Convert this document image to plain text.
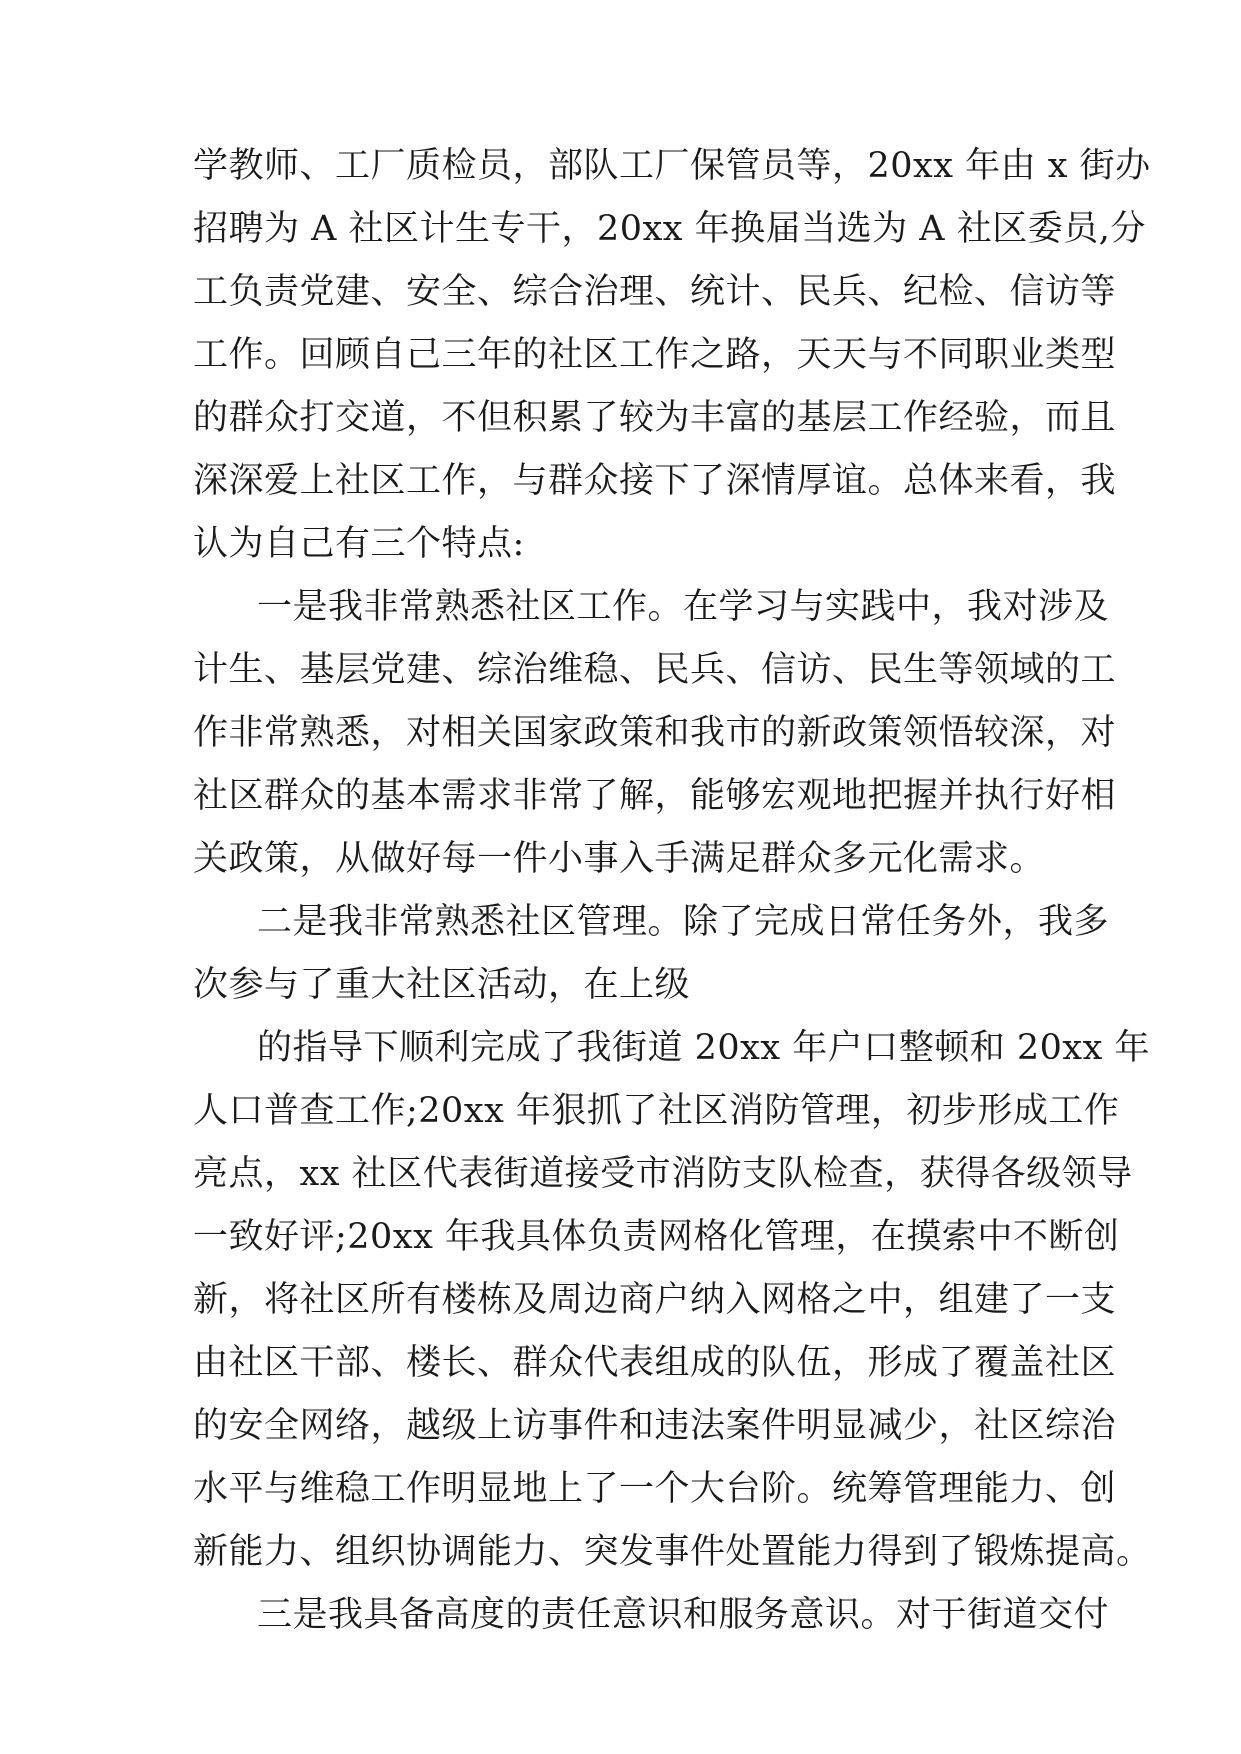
学教师、工厂质检员，部队工厂保管员等，20xx 年由 x 街办
招聘为 A 社区计生专干，20xx 年换届当选为 A 社区委员,分
工负责党建、安全、综合治理、统计、民兵、纪检、信访等
工作。回顾自己三年的社区工作之路，天天与不同职业类型
的群众打交道，不但积累了较为丰富的基层工作经验，而且
深深爱上社区工作，与群众接下了深情厚谊。总体来看，我
认为自己有三个特点:
一是我非常熟悉社区工作。在学习与实践中，我对涉及
计生、基层党建、综治维稳、民兵、信访、民生等领域的工
作非常熟悉，对相关国家政策和我市的新政策领悟较深，对
社区群众的基本需求非常了解，能够宏观地把握并执行好相
关政策，从做好每一件小事入手满足群众多元化需求。
二是我非常熟悉社区管理。除了完成日常任务外，我多
次参与了重大社区活动，在上级
的指导下顺利完成了我街道 20xx 年户口整顿和 20xx 年
人口普查工作;20xx 年狠抓了社区消防管理，初步形成工作
亮点，xx 社区代表街道接受市消防支队检查，获得各级领导
一致好评;20xx 年我具体负责网格化管理，在摸索中不断创
新，将社区所有楼栋及周边商户纳入网格之中，组建了一支
由社区干部、楼长、群众代表组成的队伍，形成了覆盖社区
的安全网络，越级上访事件和违法案件明显减少，社区综治
水平与维稳工作明显地上了一个大台阶。统筹管理能力、创
新能力、组织协调能力、突发事件处置能力得到了锻炼提高。
三是我具备高度的责任意识和服务意识。对于街道交付
